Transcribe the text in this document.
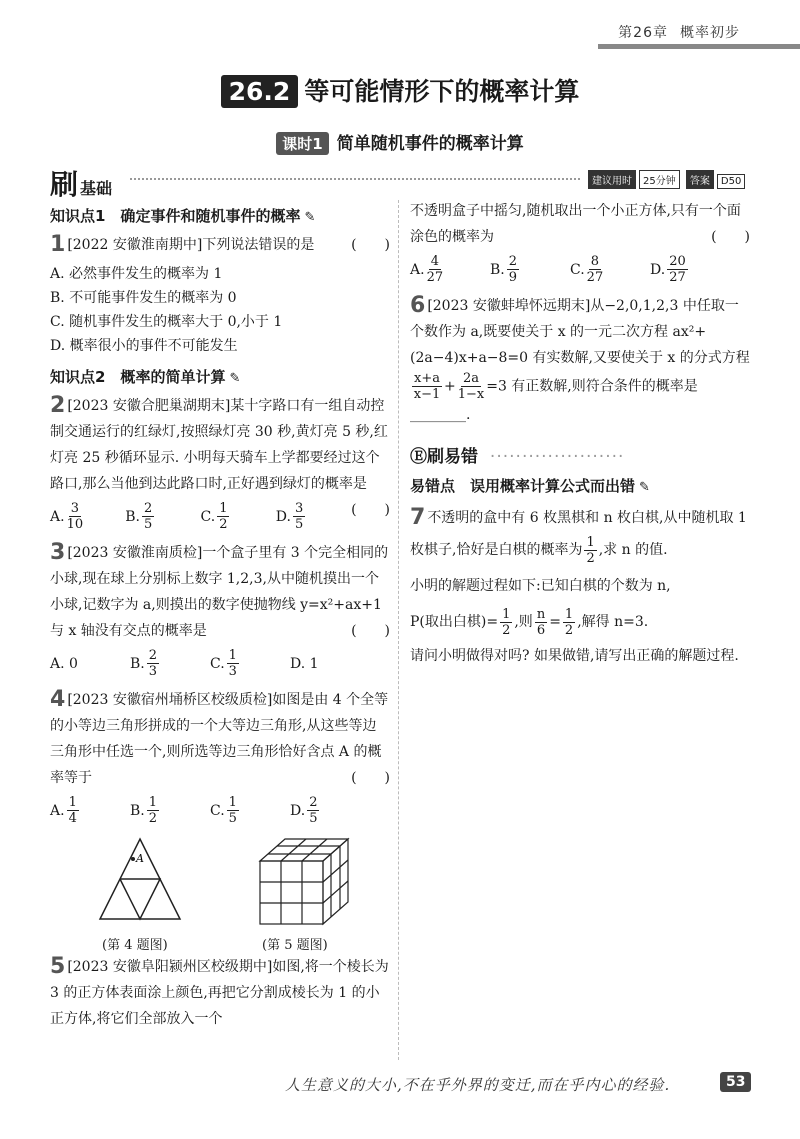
第26章 概率初步
26.2 等可能情形下的概率计算
课时1 简单随机事件的概率计算
刷基础	建议用时 25分钟 答案 D50
知识点1　确定事件和随机事件的概率 ✎
1 [2022 安徽淮南期中]下列说法错误的是	(　　)
A. 必然事件发生的概率为 1
B. 不可能事件发生的概率为 0
C. 随机事件发生的概率大于 0,小于 1
D. 概率很小的事件不可能发生
知识点2　概率的简单计算 ✎
2 [2023 安徽合肥巢湖期末]某十字路口有一组自动控制交通运行的红绿灯,按照绿灯亮 30 秒,黄灯亮 5 秒,红灯亮 25 秒循环显示. 小明每天骑车上学都要经过这个路口,那么当他到达此路口时,正好遇到绿灯的概率是
(　　)
A. $\frac{3}{10}$	B. $\frac{2}{5}$	C. $\frac{1}{2}$	D. $\frac{3}{5}$
3 [2023 安徽淮南质检]一个盒子里有 3 个完全相同的小球,现在球上分别标上数字 1,2,3,从中随机摸出一个小球,记数字为 a,则摸出的数字使抛物线 y=x²+ax+1 与 x 轴没有交点的概率是	(　　)
A. 0	B. $\frac{2}{3}$	C. $\frac{1}{3}$	D. 1
4 [2023 安徽宿州埇桥区校级质检]如图是由 4 个全等的小等边三角形拼成的一个大等边三角形,从这些等边三角形中任选一个,则所选等边三角形恰好含点 A 的概率等于	(　　)
A. $\frac{1}{4}$	B. $\frac{1}{2}$	C. $\frac{1}{5}$	D. $\frac{2}{5}$
A
(第 4 题图)	(第 5 题图)
5 [2023 安徽阜阳颍州区校级期中]如图,将一个棱长为 3 的正方体表面涂上颜色,再把它分割成棱长为 1 的小正方体,将它们全部放入一个
不透明盒子中摇匀,随机取出一个小正方体,只有一个面涂色的概率为	(　　)
A. $\frac{4}{27}$	B. $\frac{2}{9}$	C. $\frac{8}{27}$	D. $\frac{20}{27}$
6 [2023 安徽蚌埠怀远期末]从−2,0,1,2,3 中任取一个数作为 a,既要使关于 x 的一元二次方程 ax²+(2a−4)x+a−8=0 有实数解,又要使关于 x 的分式方程
$\frac{x+a}{x-1} + \frac{2a}{1-x} =3$ 有正数解,则符合条件的概率是________.
Ⓔ刷易错 ·····················
易错点　误用概率计算公式而出错 ✎
7 不透明的盒中有 6 枚黑棋和 n 枚白棋,从中随机取 1 枚棋子,恰好是白棋的概率为 $\frac{1}{2}$ ,求 n 的值.
小明的解题过程如下:已知白棋的个数为 n,
P(取出白棋)= $\frac{1}{2}$ ,则 $\frac{n}{6} = \frac{1}{2}$ ,解得 n=3.
请问小明做得对吗? 如果做错,请写出正确的解题过程.
人生意义的大小,不在乎外界的变迁,而在乎内心的经验.	53
